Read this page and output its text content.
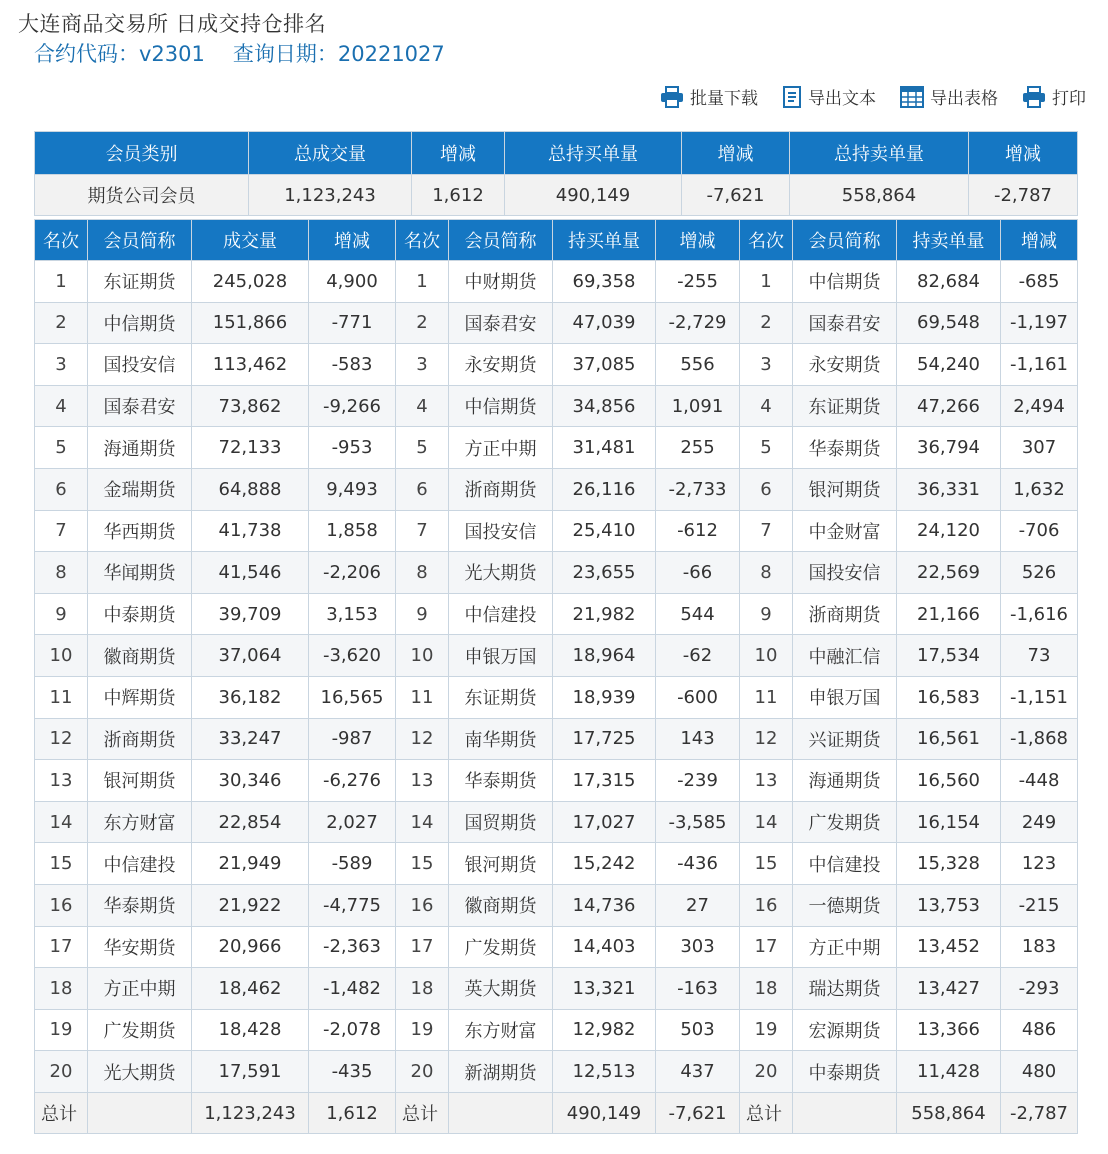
大连商品交易所 日成交持仓排名
合约代码：v2301 查询日期：20221027
批量下载	导出文本	导出表格	打印
会员类别	总成交量	增减	总持买单量	增减	总持卖单量	增减
期货公司会员	1,123,243	1,612	490,149	-7,621	558,864	-2,787
名次	会员简称	成交量	增减	名次	会员简称	持买单量	增减	名次	会员简称	持卖单量	增减
1	东证期货	245,028	4,900	1	中财期货	69,358	-255	1	中信期货	82,684	-685
2	中信期货	151,866	-771	2	国泰君安	47,039	-2,729	2	国泰君安	69,548	-1,197
3	国投安信	113,462	-583	3	永安期货	37,085	556	3	永安期货	54,240	-1,161
4	国泰君安	73,862	-9,266	4	中信期货	34,856	1,091	4	东证期货	47,266	2,494
5	海通期货	72,133	-953	5	方正中期	31,481	255	5	华泰期货	36,794	307
6	金瑞期货	64,888	9,493	6	浙商期货	26,116	-2,733	6	银河期货	36,331	1,632
7	华西期货	41,738	1,858	7	国投安信	25,410	-612	7	中金财富	24,120	-706
8	华闻期货	41,546	-2,206	8	光大期货	23,655	-66	8	国投安信	22,569	526
9	中泰期货	39,709	3,153	9	中信建投	21,982	544	9	浙商期货	21,166	-1,616
10	徽商期货	37,064	-3,620	10	申银万国	18,964	-62	10	中融汇信	17,534	73
11	中辉期货	36,182	16,565	11	东证期货	18,939	-600	11	申银万国	16,583	-1,151
12	浙商期货	33,247	-987	12	南华期货	17,725	143	12	兴证期货	16,561	-1,868
13	银河期货	30,346	-6,276	13	华泰期货	17,315	-239	13	海通期货	16,560	-448
14	东方财富	22,854	2,027	14	国贸期货	17,027	-3,585	14	广发期货	16,154	249
15	中信建投	21,949	-589	15	银河期货	15,242	-436	15	中信建投	15,328	123
16	华泰期货	21,922	-4,775	16	徽商期货	14,736	27	16	一德期货	13,753	-215
17	华安期货	20,966	-2,363	17	广发期货	14,403	303	17	方正中期	13,452	183
18	方正中期	18,462	-1,482	18	英大期货	13,321	-163	18	瑞达期货	13,427	-293
19	广发期货	18,428	-2,078	19	东方财富	12,982	503	19	宏源期货	13,366	486
20	光大期货	17,591	-435	20	新湖期货	12,513	437	20	中泰期货	11,428	480
总计		1,123,243	1,612	总计		490,149	-7,621	总计		558,864	-2,787
